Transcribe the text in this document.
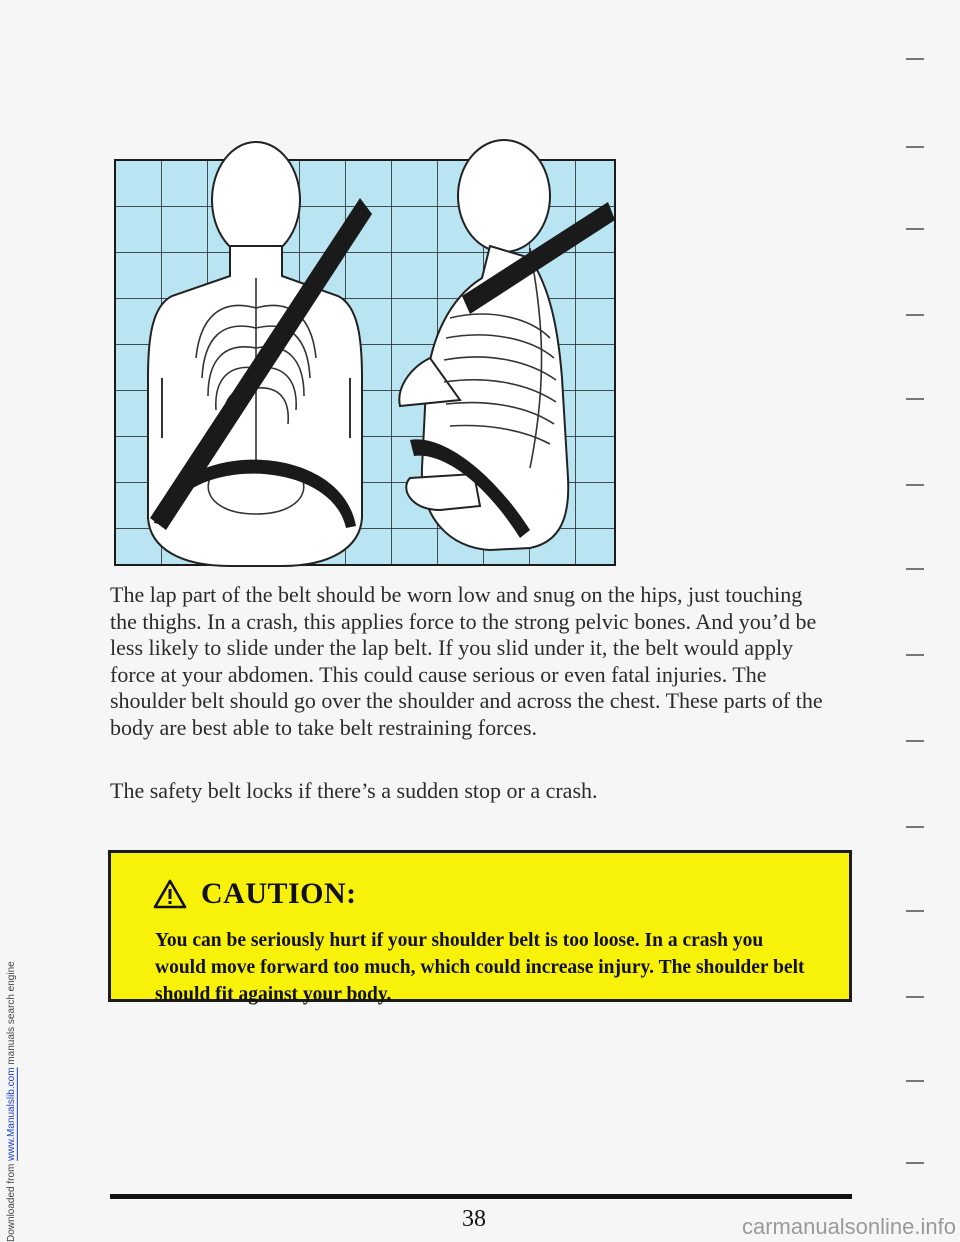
Downloaded from www.Manualslib.com manuals search engine

The lap part of the belt should be worn low and snug on the hips, just touching the thighs. In a crash, this applies force to the strong pelvic bones. And you’d be less likely to slide under the lap belt. If you slid under it, the belt would apply force at your abdomen. This could cause serious or even fatal injuries. The shoulder belt should go over the shoulder and across the chest. These parts of the body are best able to take belt restraining forces.

The safety belt locks if there’s a sudden stop or a crash.

CAUTION:

You can be seriously hurt if your shoulder belt is too loose. In a crash you would move forward too much, which could increase injury. The shoulder belt should fit against your body.

38	carmanualsonline.info
